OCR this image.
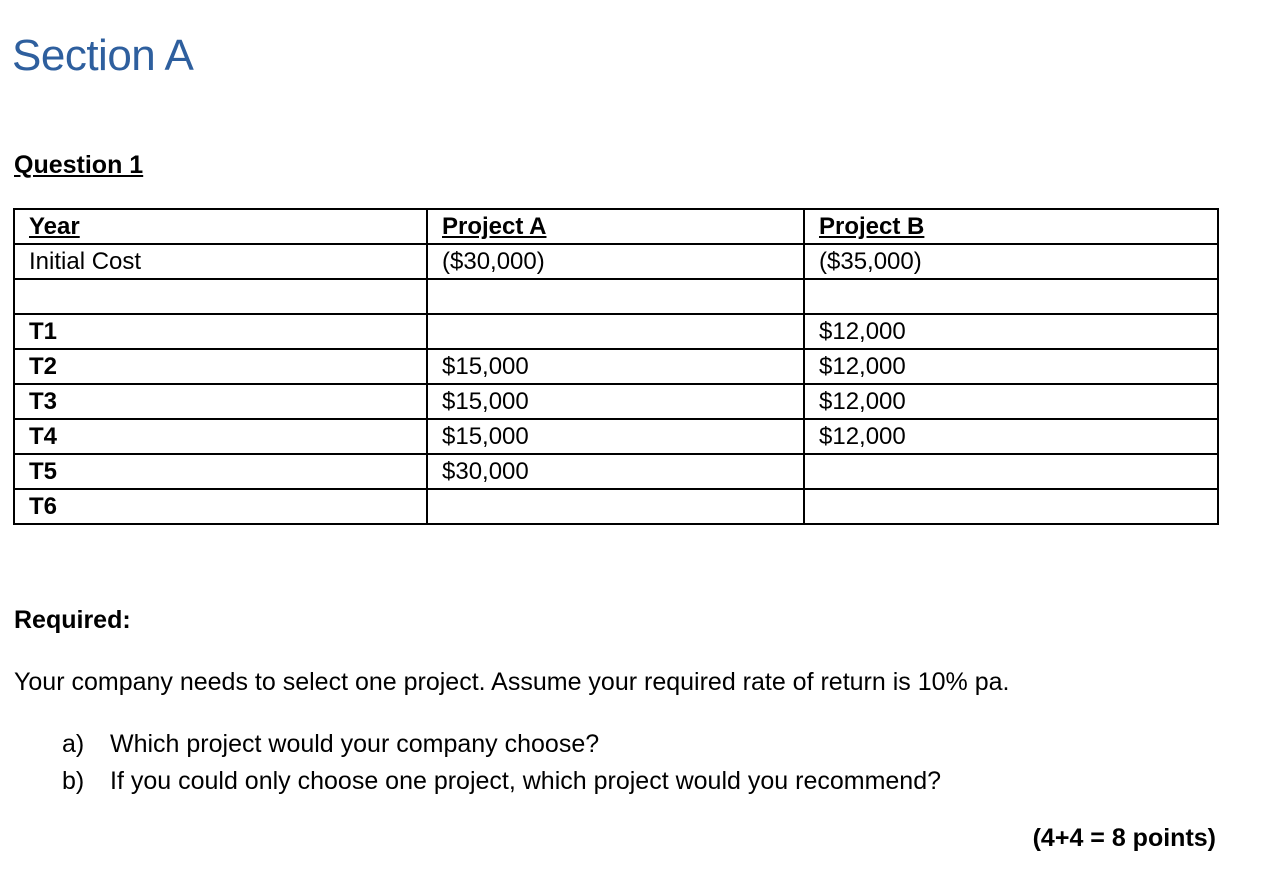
Section A
Question 1
Year	Project A	Project B
Initial Cost	($30,000)	($35,000)

T1		$12,000
T2	$15,000	$12,000
T3	$15,000	$12,000
T4	$15,000	$12,000
T5	$30,000	
T6		
Required:

Your company needs to select one project. Assume your required rate of return is 10% pa.

a)	Which project would your company choose?
b)	If you could only choose one project, which project would you recommend?

(4+4 = 8 points)
